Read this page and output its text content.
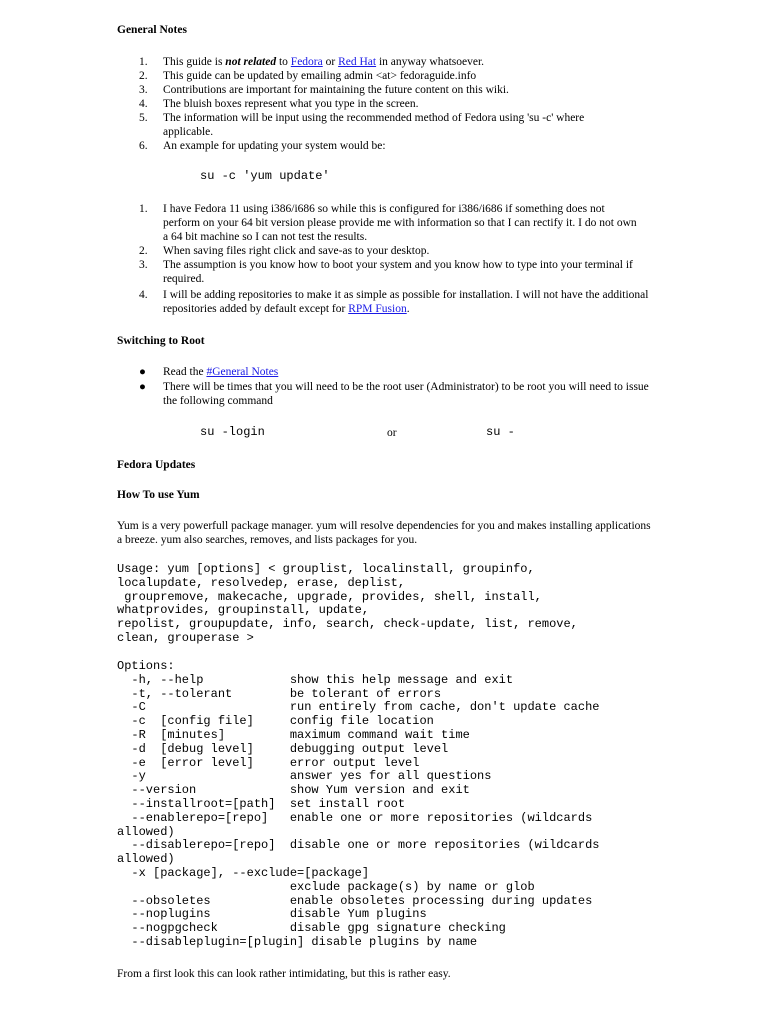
General Notes
1. This guide is not related to Fedora or Red Hat in anyway whatsoever.
2. This guide can be updated by emailing admin <at> fedoraguide.info
3. Contributions are important for maintaining the future content on this wiki.
4. The bluish boxes represent what you type in the screen.
5. The information will be input using the recommended method of Fedora using 'su -c' where applicable.
6. An example for updating your system would be:
su -c 'yum update'
1. I have Fedora 11 using i386/i686 so while this is configured for i386/i686 if something does not perform on your 64 bit version please provide me with information so that I can rectify it. I do not own a 64 bit machine so I can not test the results.
2. When saving files right click and save-as to your desktop.
3. The assumption is you know how to boot your system and you know how to type into your terminal if required.
4. I will be adding repositories to make it as simple as possible for installation. I will not have the additional repositories added by default except for RPM Fusion.
Switching to Root
● Read the #General Notes
● There will be times that you will need to be the root user (Administrator) to be root you will need to issue the following command
su -login	or	su -
Fedora Updates
How To use Yum

Yum is a very powerfull package manager. yum will resolve dependencies for you and makes installing applications a breeze. yum also searches, removes, and lists packages for you.

Usage: yum [options] < grouplist, localinstall, groupinfo,
localupdate, resolvedep, erase, deplist,
groupremove, makecache, upgrade, provides, shell, install,
whatprovides, groupinstall, update,
repolist, groupupdate, info, search, check-update, list, remove,
clean, grouperase >
Options:
-h, --help            show this help message and exit
-t, --tolerant        be tolerant of errors
-C                    run entirely from cache, don't update cache
-c  [config file]     config file location
-R  [minutes]         maximum command wait time
-d  [debug level]     debugging output level
-e  [error level]     error output level
-y                    answer yes for all questions
--version             show Yum version and exit
--installroot=[path]  set install root
--enablerepo=[repo]   enable one or more repositories (wildcards
allowed)
--disablerepo=[repo]  disable one or more repositories (wildcards
allowed)
-x [package], --exclude=[package]
exclude package(s) by name or glob
--obsoletes           enable obsoletes processing during updates
--noplugins           disable Yum plugins
--nogpgcheck          disable gpg signature checking
--disableplugin=[plugin] disable plugins by name

From a first look this can look rather intimidating, but this is rather easy.
